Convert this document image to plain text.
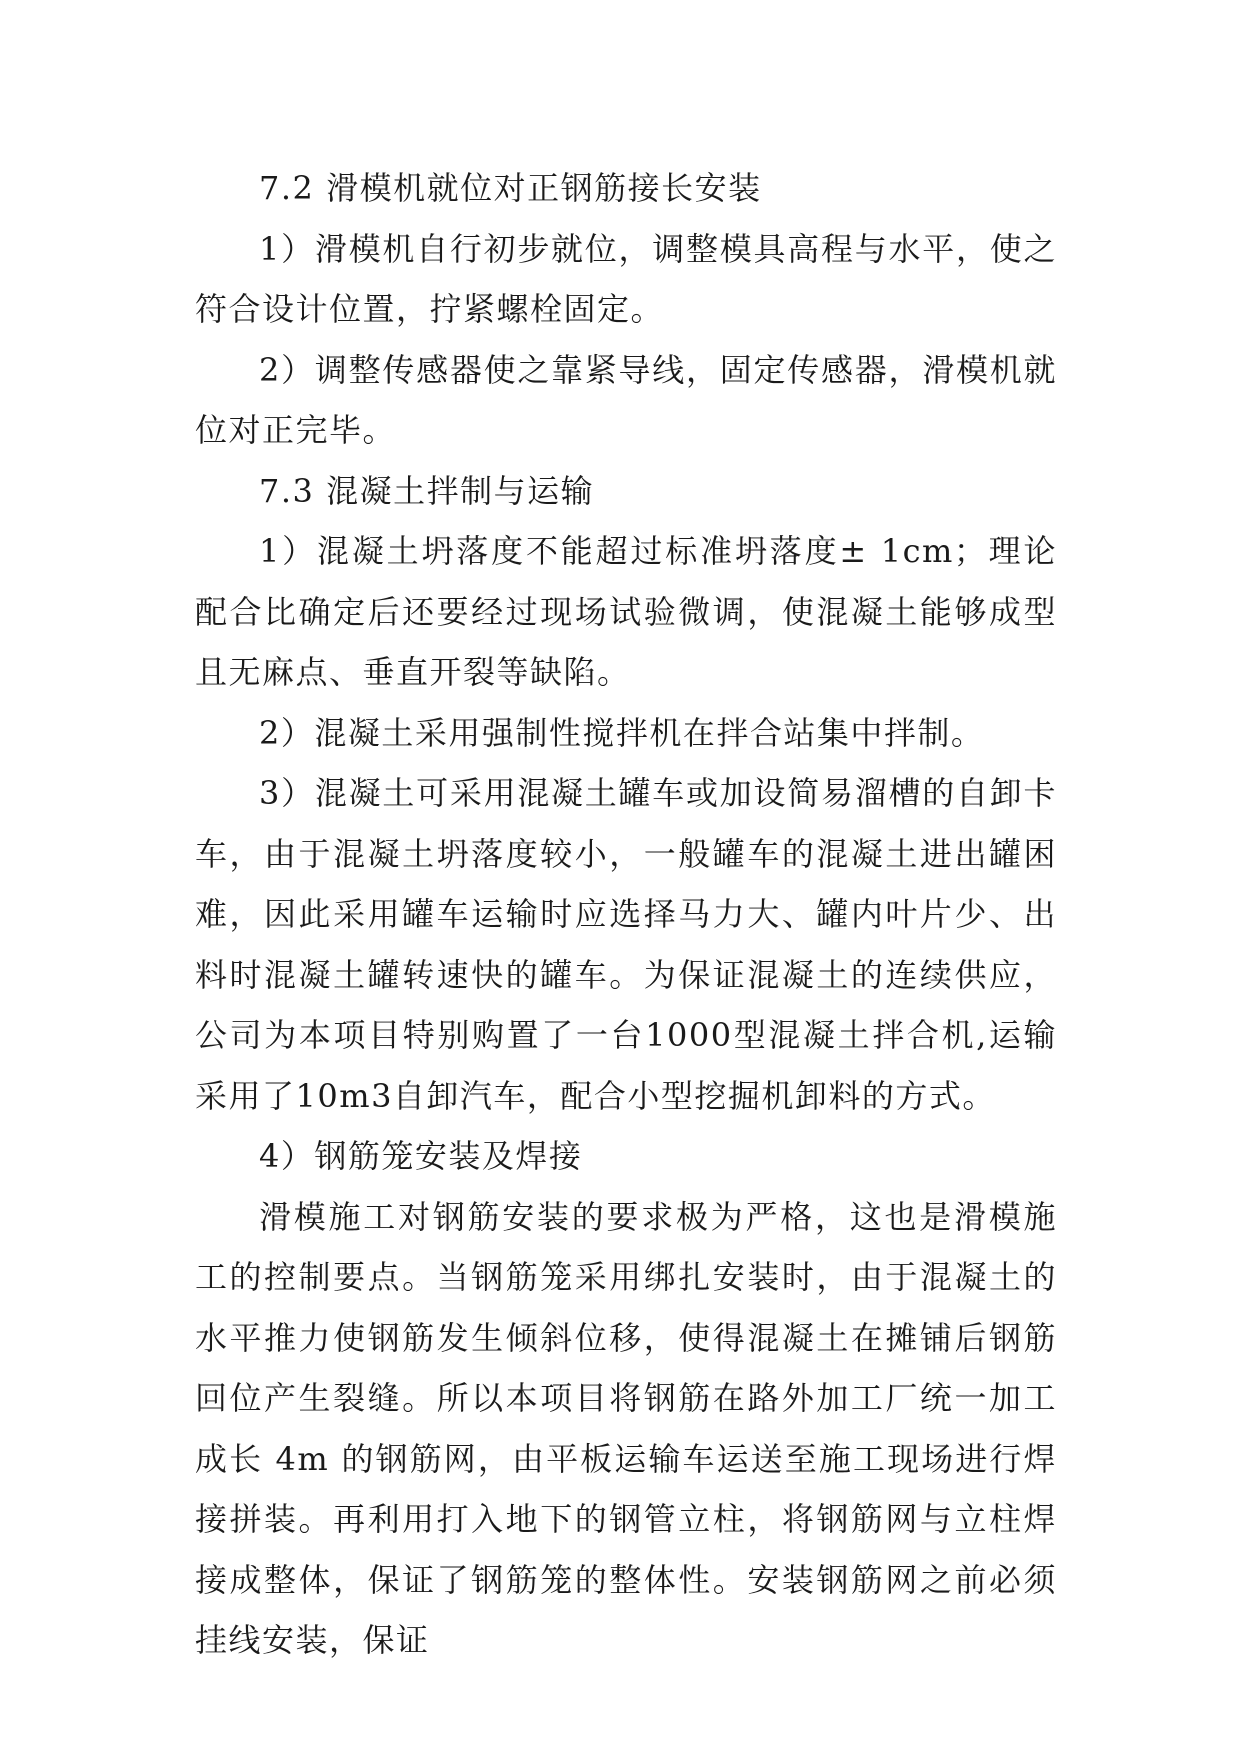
7.2 滑模机就位对正钢筋接长安装

1）滑模机自行初步就位，调整模具高程与水平，使之符合设计位置，拧紧螺栓固定。

2）调整传感器使之靠紧导线，固定传感器，滑模机就位对正完毕。

7.3 混凝土拌制与运输

1）混凝土坍落度不能超过标准坍落度± 1cm；理论配合比确定后还要经过现场试验微调，使混凝土能够成型且无麻点、垂直开裂等缺陷。

2）混凝土采用强制性搅拌机在拌合站集中拌制。

3）混凝土可采用混凝土罐车或加设简易溜槽的自卸卡车，由于混凝土坍落度较小，一般罐车的混凝土进出罐困难，因此采用罐车运输时应选择马力大、罐内叶片少、出料时混凝土罐转速快的罐车。为保证混凝土的连续供应，公司为本项目特别购置了一台1000型混凝土拌合机,运输采用了10m3自卸汽车，配合小型挖掘机卸料的方式。

4）钢筋笼安装及焊接

滑模施工对钢筋安装的要求极为严格，这也是滑模施工的控制要点。当钢筋笼采用绑扎安装时，由于混凝土的水平推力使钢筋发生倾斜位移，使得混凝土在摊铺后钢筋回位产生裂缝。所以本项目将钢筋在路外加工厂统一加工成长 4m 的钢筋网，由平板运输车运送至施工现场进行焊接拼装。再利用打入地下的钢管立柱，将钢筋网与立柱焊接成整体，保证了钢筋笼的整体性。安装钢筋网之前必须挂线安装，保证
